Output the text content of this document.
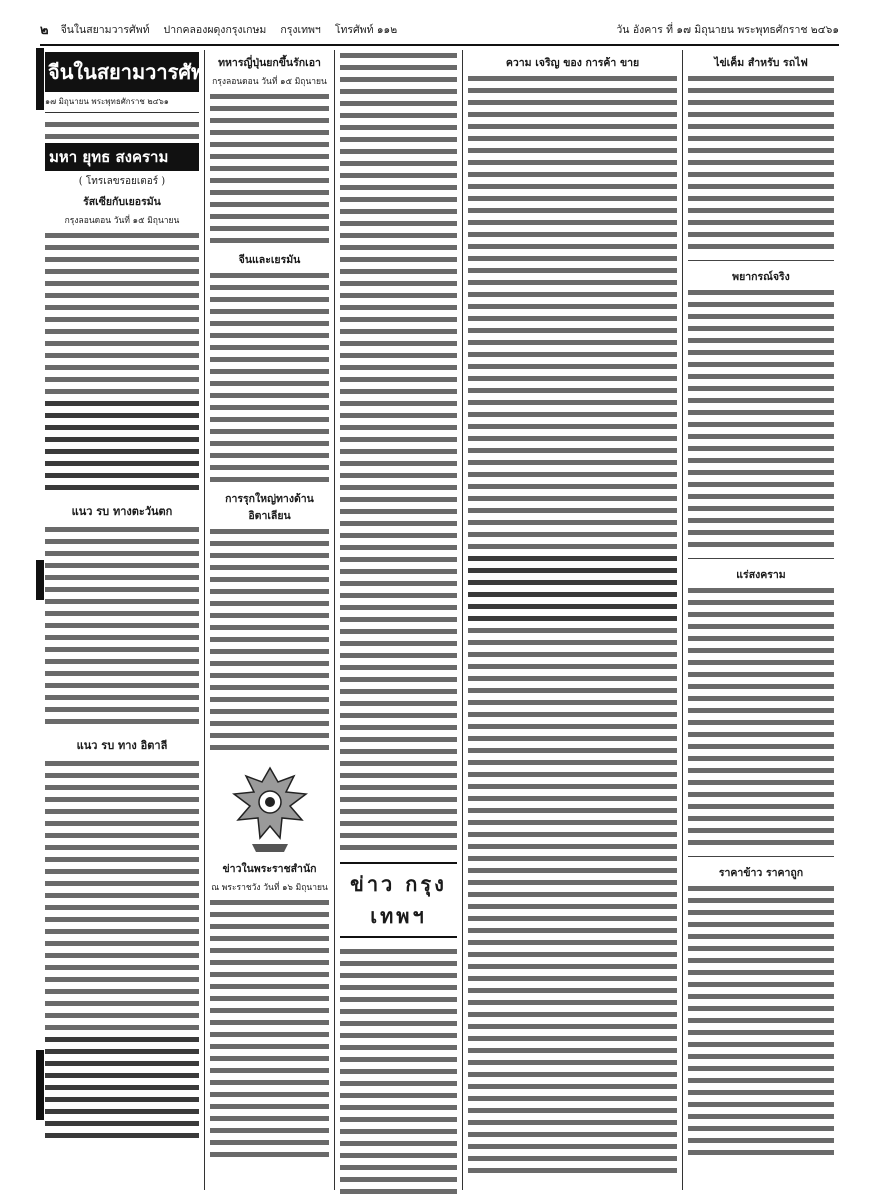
๒ จีนในสยามวารศัพท์ ปากคลองผดุงกรุงเกษม กรุงเทพฯ โทรศัพท์ ๑๑๒	วัน อังคาร ที่ ๑๗ มิถุนายน พระพุทธศักราช ๒๔๖๑
จีนในสยามวารศัพท์
๑๗ มิถุนายน พระพุทธศักราช ๒๔๖๑
มหา ยุทธ สงคราม
( โทรเลขรอยเตอร์ )
รัสเซียกับเยอรมัน
กรุงลอนดอน วันที่ ๑๕ มิถุนายน
แนว รบ ทางตะวันตก
แนว รบ ทาง อิตาลี
ทหารญี่ปุ่นยกขึ้นรักเอา
กรุงลอนดอน วันที่ ๑๕ มิถุนายน
จีนและเยรมัน
การรุกใหญ่ทางด้าน อิตาเลียน
ข่าวในพระราชสำนัก
ณ พระราชวัง วันที่ ๑๖ มิถุนายน	ข่าว กรุง เทพฯ
ความ เจริญ ของ การค้า ขาย	ไข่เค็ม สำหรับ รถไฟ
พยากรณ์จริง
แร่สงคราม
ราคาข้าว ราคาถูก
